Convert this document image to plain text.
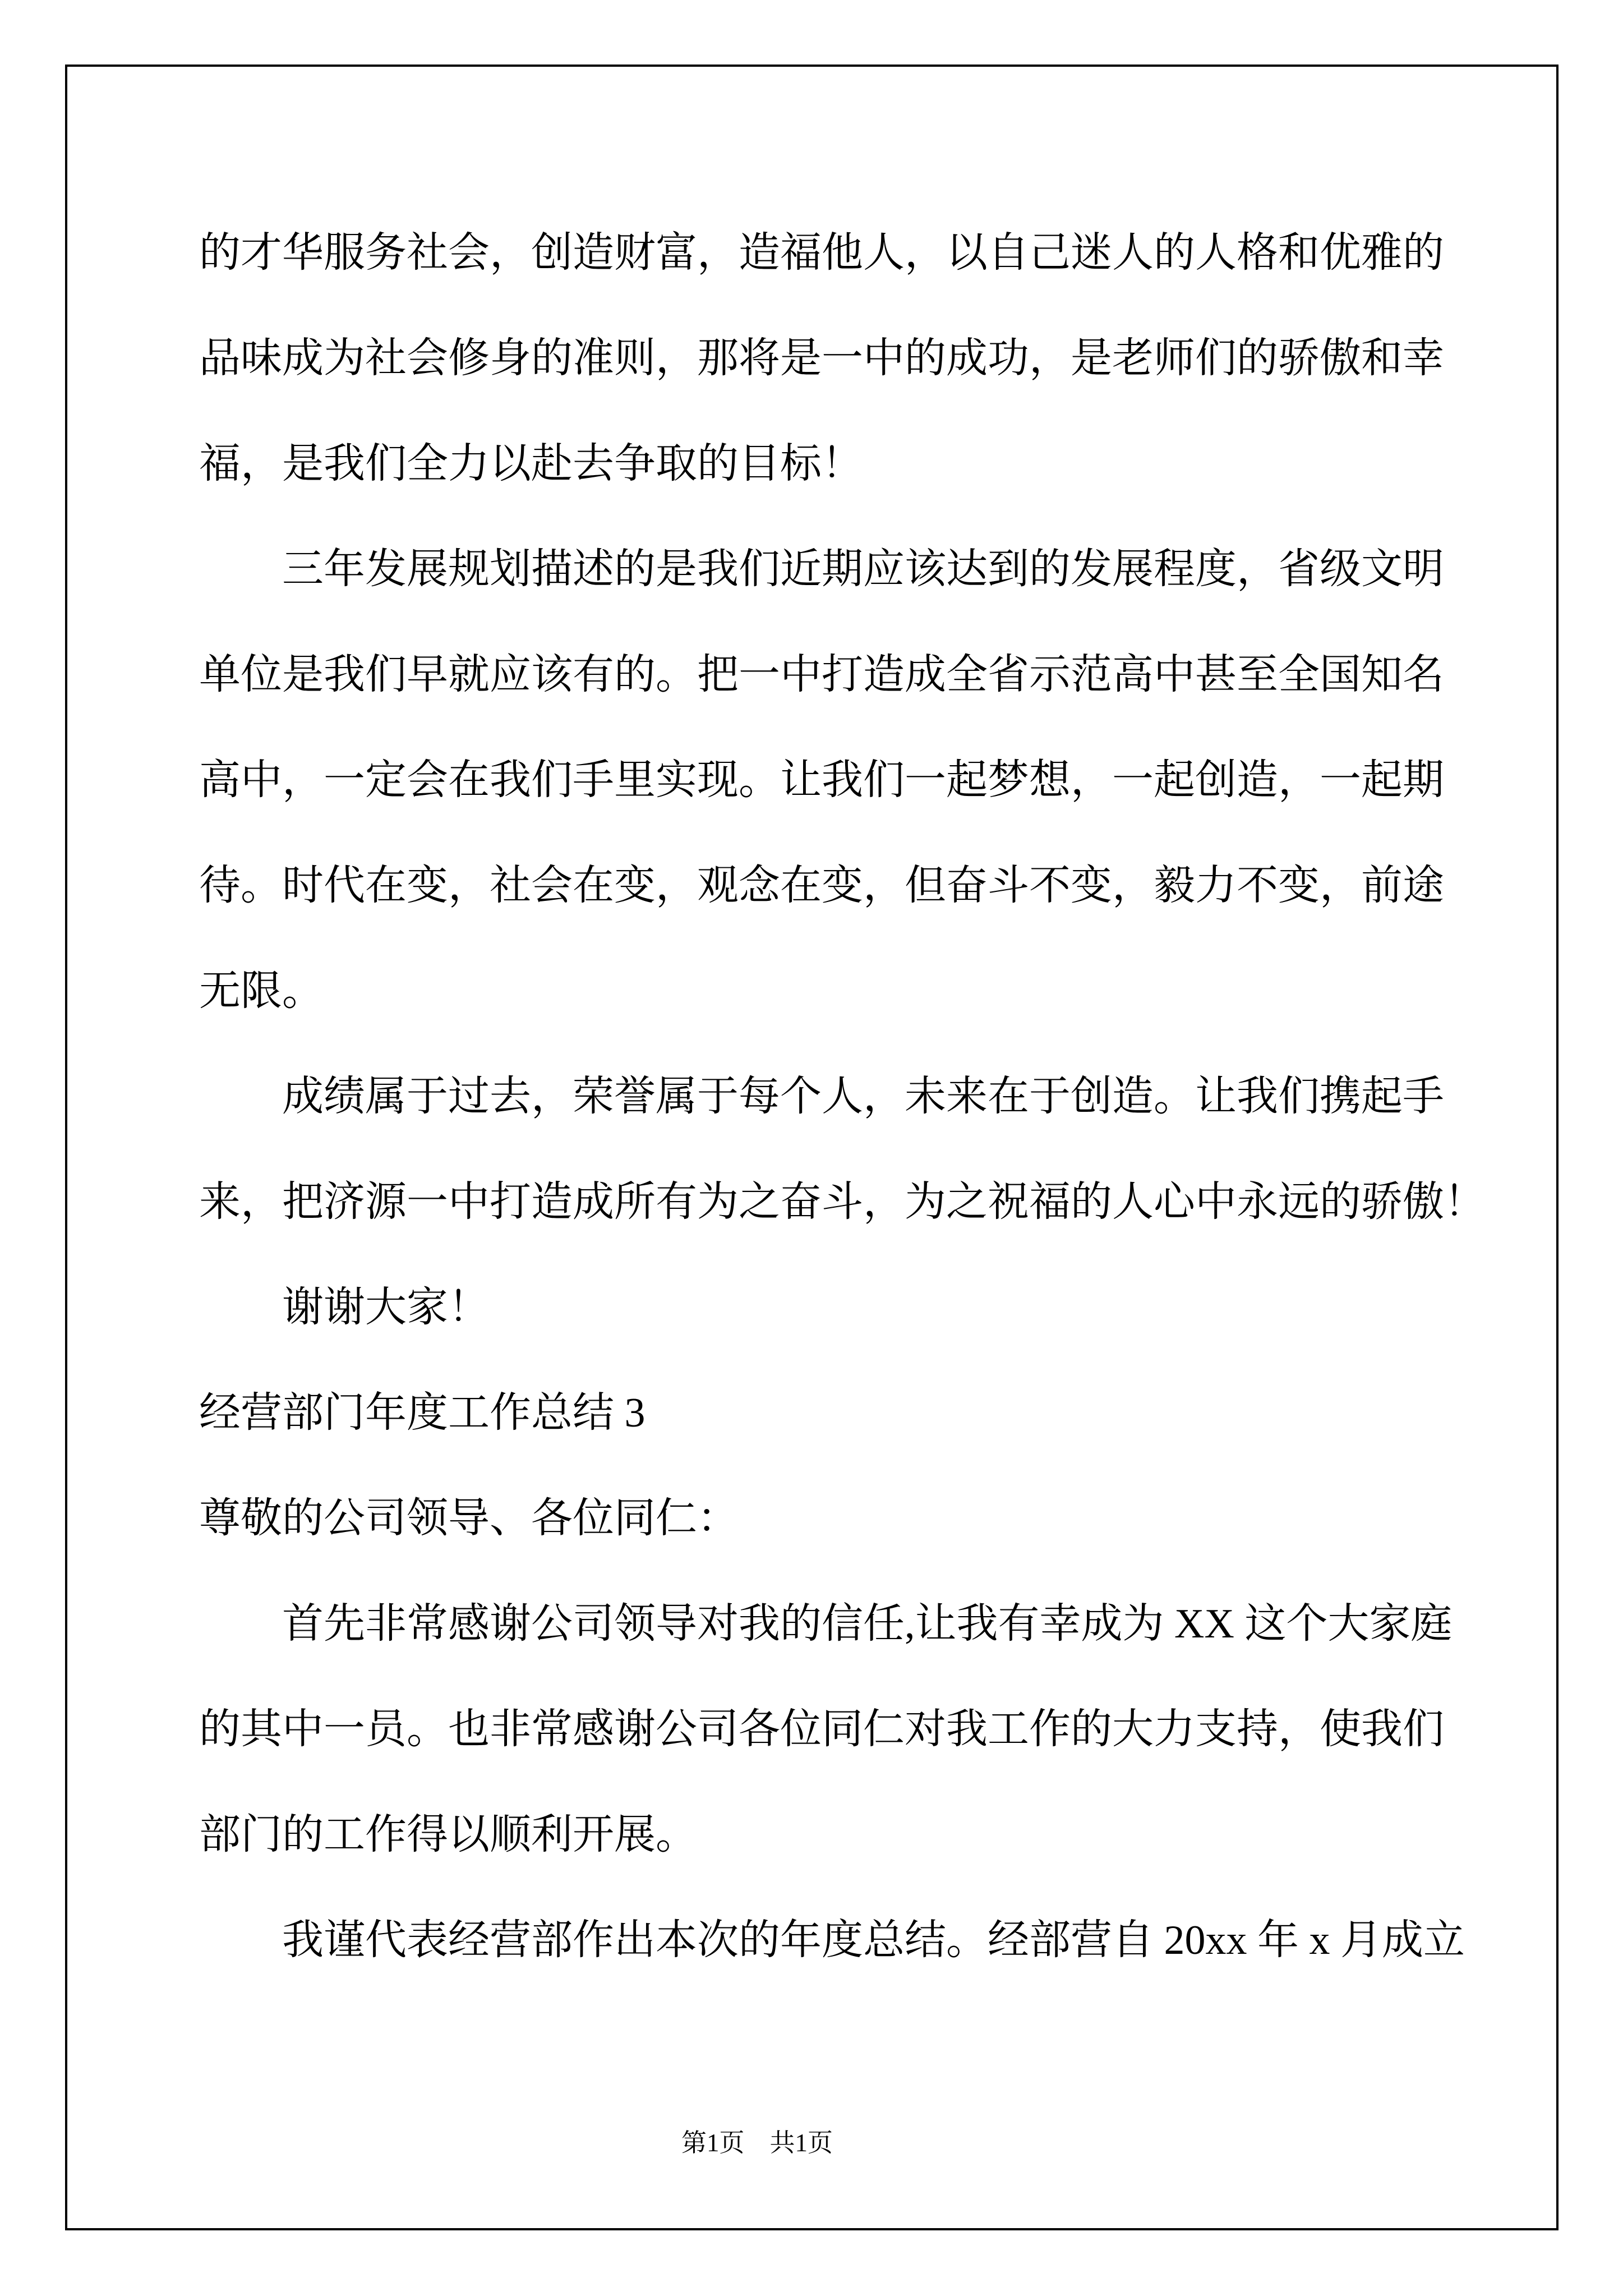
的才华服务社会，创造财富，造福他人，以自己迷人的人格和优雅的
品味成为社会修身的准则，那将是一中的成功，是老师们的骄傲和幸
福，是我们全力以赴去争取的目标！
三年发展规划描述的是我们近期应该达到的发展程度，省级文明
单位是我们早就应该有的。把一中打造成全省示范高中甚至全国知名
高中，一定会在我们手里实现。让我们一起梦想，一起创造，一起期
待。时代在变，社会在变，观念在变，但奋斗不变，毅力不变，前途
无限。
成绩属于过去，荣誉属于每个人，未来在于创造。让我们携起手
来，把济源一中打造成所有为之奋斗，为之祝福的人心中永远的骄傲！
谢谢大家！
经营部门年度工作总结 3
尊敬的公司领导、各位同仁：
首先非常感谢公司领导对我的信任,让我有幸成为 XX 这个大家庭
的其中一员。也非常感谢公司各位同仁对我工作的大力支持，使我们
部门的工作得以顺利开展。
我谨代表经营部作出本次的年度总结。经部营自 20xx 年 x 月成立
第1页　共1页
